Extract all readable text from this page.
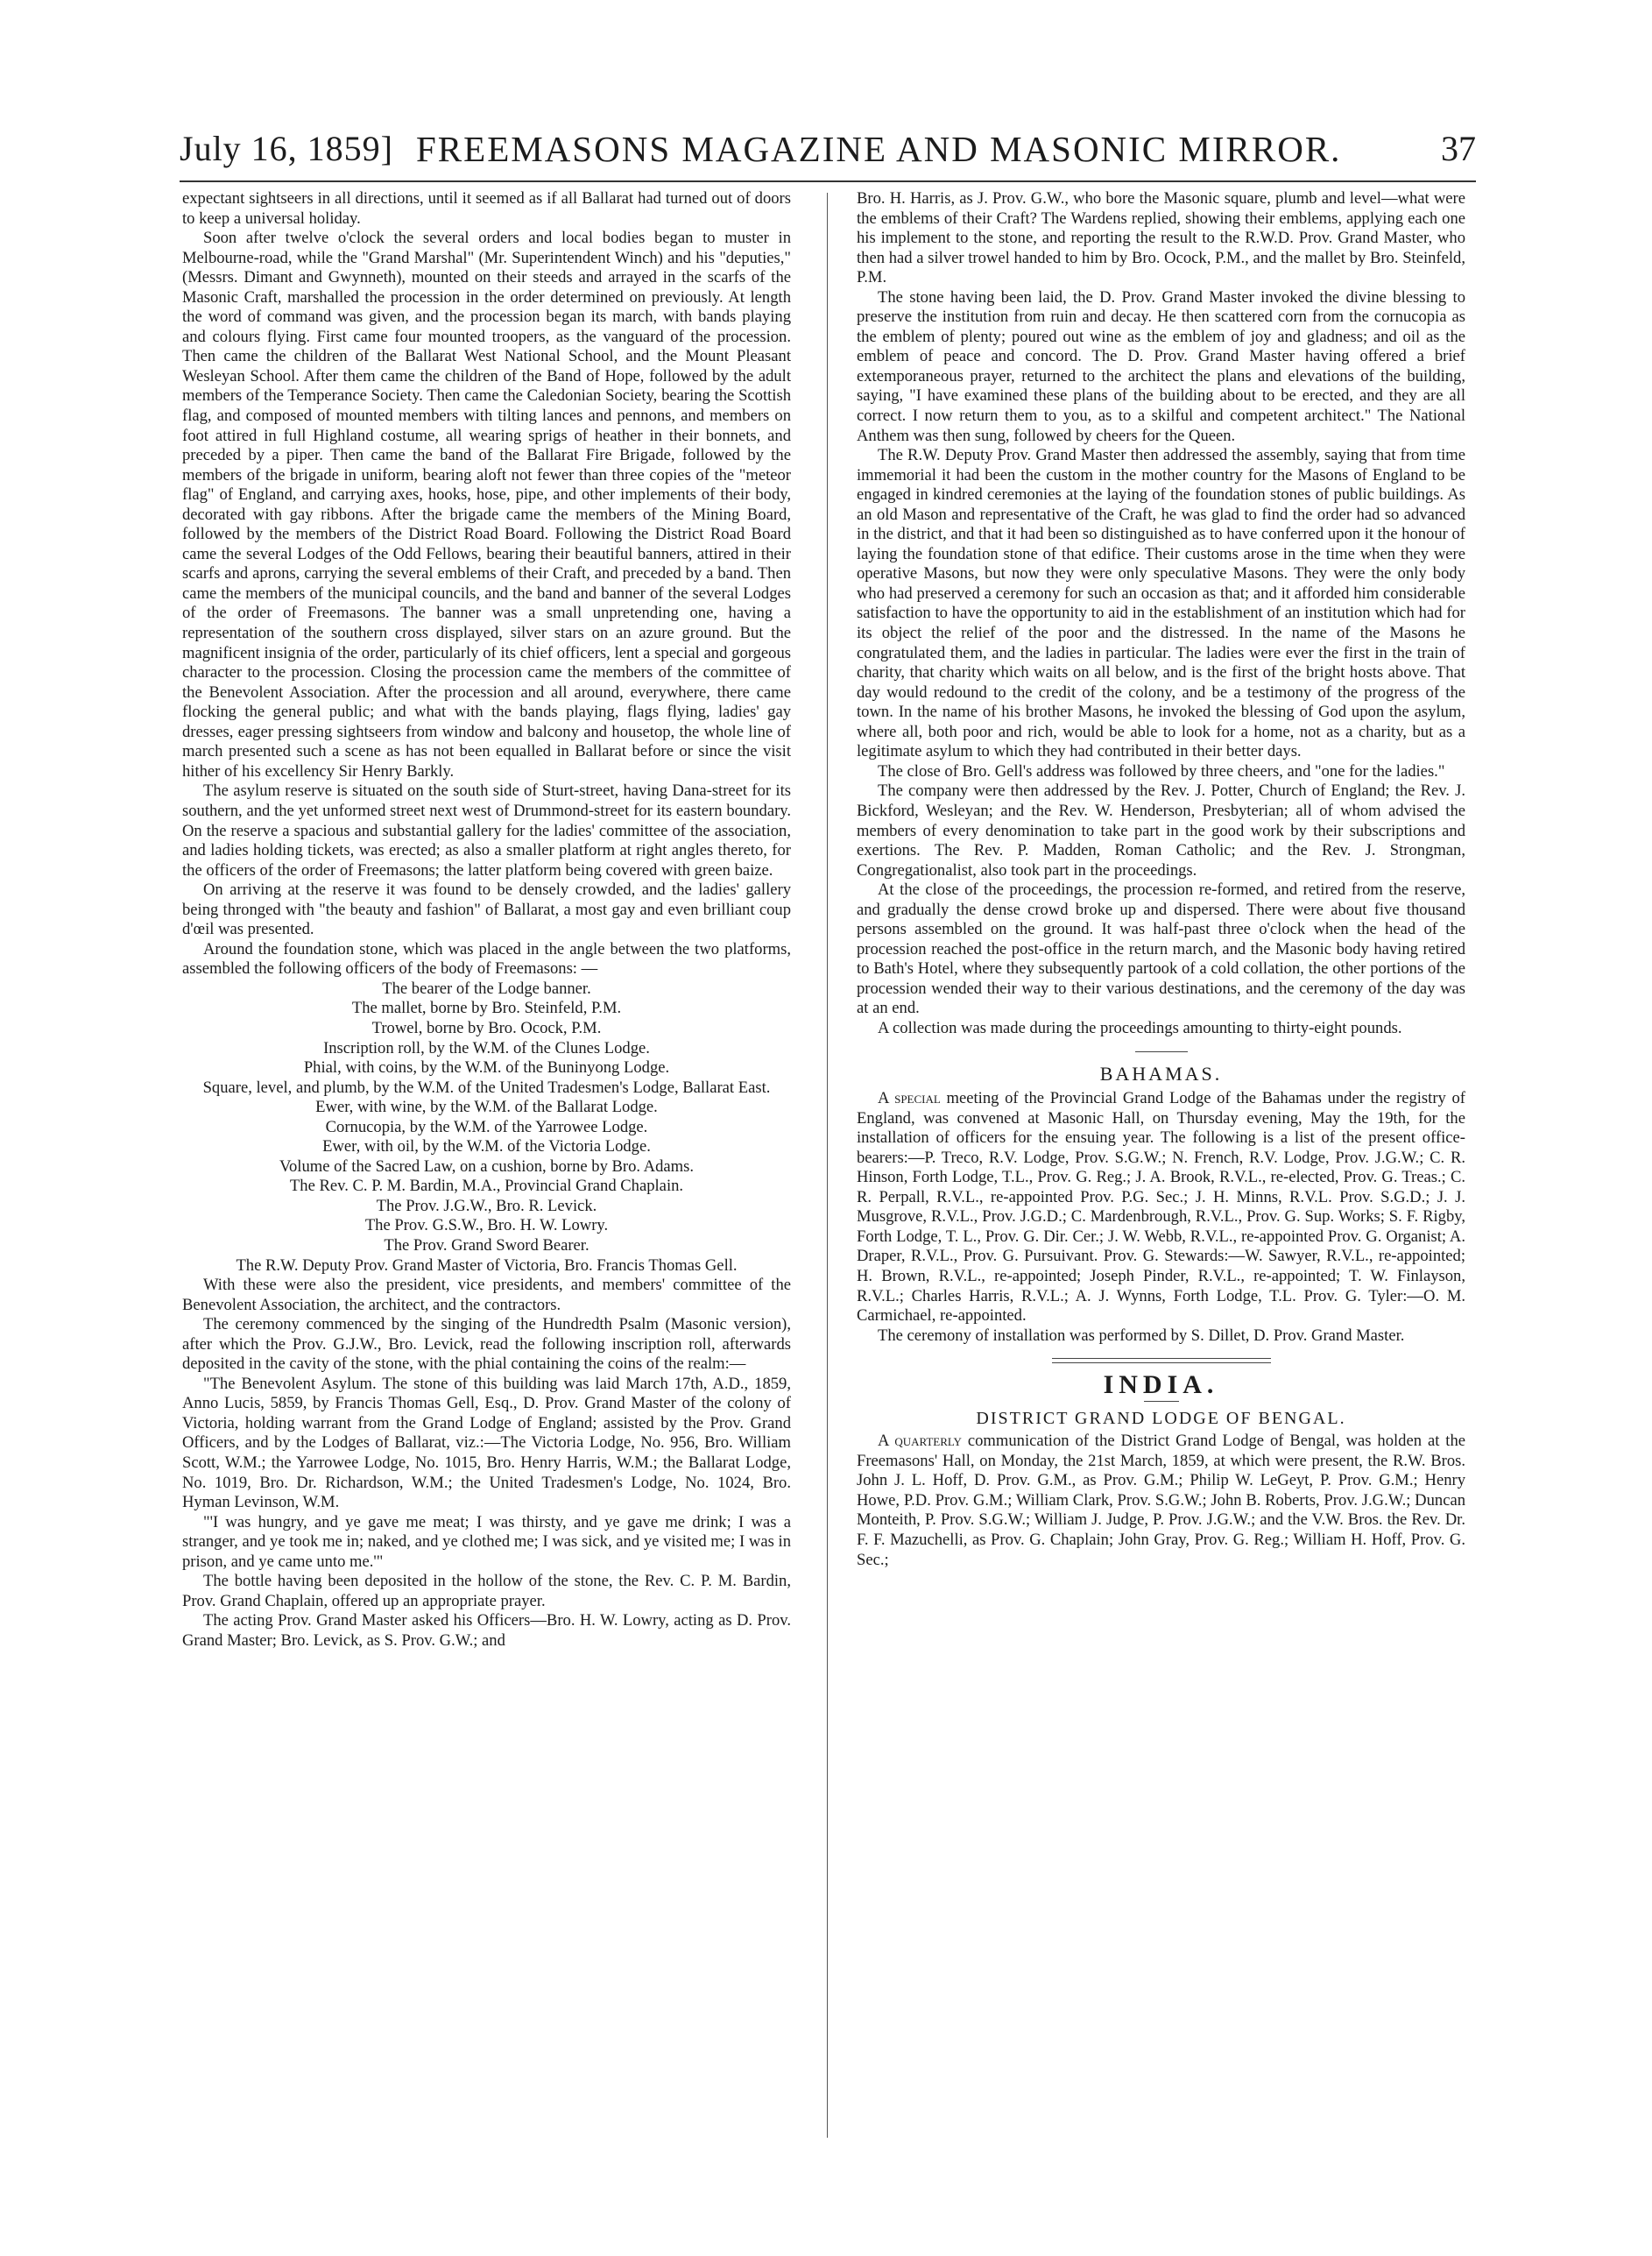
July 16, 1859] FREEMASONS MAGAZINE AND MASONIC MIRROR.	37

expectant sightseers in all directions, until it seemed as if all Ballarat had turned out of doors to keep a universal holiday.

Soon after twelve o'clock the several orders and local bodies began to muster in Melbourne-road, while the "Grand Marshal" (Mr. Superintendent Winch) and his "deputies," (Messrs. Dimant and Gwynneth), mounted on their steeds and arrayed in the scarfs of the Masonic Craft, marshalled the procession in the order determined on previously. At length the word of command was given, and the procession began its march, with bands playing and colours flying. First came four mounted troopers, as the vanguard of the procession. Then came the children of the Ballarat West National School, and the Mount Pleasant Wesleyan School. After them came the children of the Band of Hope, followed by the adult members of the Temperance Society. Then came the Caledonian Society, bearing the Scottish flag, and composed of mounted members with tilting lances and pennons, and members on foot attired in full Highland costume, all wearing sprigs of heather in their bonnets, and preceded by a piper. Then came the band of the Ballarat Fire Brigade, followed by the members of the brigade in uniform, bearing aloft not fewer than three copies of the "meteor flag" of England, and carrying axes, hooks, hose, pipe, and other implements of their body, decorated with gay ribbons. After the brigade came the members of the Mining Board, followed by the members of the District Road Board. Following the District Road Board came the several Lodges of the Odd Fellows, bearing their beautiful banners, attired in their scarfs and aprons, carrying the several emblems of their Craft, and preceded by a band. Then came the members of the municipal councils, and the band and banner of the several Lodges of the order of Freemasons. The banner was a small unpretending one, having a representation of the southern cross displayed, silver stars on an azure ground. But the magnificent insignia of the order, particularly of its chief officers, lent a special and gorgeous character to the procession. Closing the procession came the members of the committee of the Benevolent Association. After the procession and all around, everywhere, there came flocking the general public; and what with the bands playing, flags flying, ladies' gay dresses, eager pressing sightseers from window and balcony and housetop, the whole line of march presented such a scene as has not been equalled in Ballarat before or since the visit hither of his excellency Sir Henry Barkly.

The asylum reserve is situated on the south side of Sturt-street, having Dana-street for its southern, and the yet unformed street next west of Drummond-street for its eastern boundary. On the reserve a spacious and substantial gallery for the ladies' committee of the association, and ladies holding tickets, was erected; as also a smaller platform at right angles thereto, for the officers of the order of Freemasons; the latter platform being covered with green baize.

On arriving at the reserve it was found to be densely crowded, and the ladies' gallery being thronged with "the beauty and fashion" of Ballarat, a most gay and even brilliant coup d'œil was presented.

Around the foundation stone, which was placed in the angle between the two platforms, assembled the following officers of the body of Freemasons: —

The bearer of the Lodge banner.

The mallet, borne by Bro. Steinfeld, P.M.

Trowel, borne by Bro. Ocock, P.M.

Inscription roll, by the W.M. of the Clunes Lodge.

Phial, with coins, by the W.M. of the Buninyong Lodge.

Square, level, and plumb, by the W.M. of the United Tradesmen's Lodge, Ballarat East.

Ewer, with wine, by the W.M. of the Ballarat Lodge.

Cornucopia, by the W.M. of the Yarrowee Lodge.

Ewer, with oil, by the W.M. of the Victoria Lodge.

Volume of the Sacred Law, on a cushion, borne by Bro. Adams.

The Rev. C. P. M. Bardin, M.A., Provincial Grand Chaplain.

The Prov. J.G.W., Bro. R. Levick.

The Prov. G.S.W., Bro. H. W. Lowry.

The Prov. Grand Sword Bearer.

The R.W. Deputy Prov. Grand Master of Victoria, Bro. Francis Thomas Gell.

With these were also the president, vice presidents, and members' committee of the Benevolent Association, the architect, and the contractors.

The ceremony commenced by the singing of the Hundredth Psalm (Masonic version), after which the Prov. G.J.W., Bro. Levick, read the following inscription roll, afterwards deposited in the cavity of the stone, with the phial containing the coins of the realm:—

"The Benevolent Asylum. The stone of this building was laid March 17th, A.D., 1859, Anno Lucis, 5859, by Francis Thomas Gell, Esq., D. Prov. Grand Master of the colony of Victoria, holding warrant from the Grand Lodge of England; assisted by the Prov. Grand Officers, and by the Lodges of Ballarat, viz.:—The Victoria Lodge, No. 956, Bro. William Scott, W.M.; the Yarrowee Lodge, No. 1015, Bro. Henry Harris, W.M.; the Ballarat Lodge, No. 1019, Bro. Dr. Richardson, W.M.; the United Tradesmen's Lodge, No. 1024, Bro. Hyman Levinson, W.M.

"'I was hungry, and ye gave me meat; I was thirsty, and ye gave me drink; I was a stranger, and ye took me in; naked, and ye clothed me; I was sick, and ye visited me; I was in prison, and ye came unto me.'"

The bottle having been deposited in the hollow of the stone, the Rev. C. P. M. Bardin, Prov. Grand Chaplain, offered up an appropriate prayer.

The acting Prov. Grand Master asked his Officers—Bro. H. W. Lowry, acting as D. Prov. Grand Master; Bro. Levick, as S. Prov. G.W.; and

Bro. H. Harris, as J. Prov. G.W., who bore the Masonic square, plumb and level—what were the emblems of their Craft? The Wardens replied, showing their emblems, applying each one his implement to the stone, and reporting the result to the R.W.D. Prov. Grand Master, who then had a silver trowel handed to him by Bro. Ocock, P.M., and the mallet by Bro. Steinfeld, P.M.

The stone having been laid, the D. Prov. Grand Master invoked the divine blessing to preserve the institution from ruin and decay. He then scattered corn from the cornucopia as the emblem of plenty; poured out wine as the emblem of joy and gladness; and oil as the emblem of peace and concord. The D. Prov. Grand Master having offered a brief extemporaneous prayer, returned to the architect the plans and elevations of the building, saying, "I have examined these plans of the building about to be erected, and they are all correct. I now return them to you, as to a skilful and competent architect." The National Anthem was then sung, followed by cheers for the Queen.

The R.W. Deputy Prov. Grand Master then addressed the assembly, saying that from time immemorial it had been the custom in the mother country for the Masons of England to be engaged in kindred ceremonies at the laying of the foundation stones of public buildings. As an old Mason and representative of the Craft, he was glad to find the order had so advanced in the district, and that it had been so distinguished as to have conferred upon it the honour of laying the foundation stone of that edifice. Their customs arose in the time when they were operative Masons, but now they were only speculative Masons. They were the only body who had preserved a ceremony for such an occasion as that; and it afforded him considerable satisfaction to have the opportunity to aid in the establishment of an institution which had for its object the relief of the poor and the distressed. In the name of the Masons he congratulated them, and the ladies in particular. The ladies were ever the first in the train of charity, that charity which waits on all below, and is the first of the bright hosts above. That day would redound to the credit of the colony, and be a testimony of the progress of the town. In the name of his brother Masons, he invoked the blessing of God upon the asylum, where all, both poor and rich, would be able to look for a home, not as a charity, but as a legitimate asylum to which they had contributed in their better days.

The close of Bro. Gell's address was followed by three cheers, and "one for the ladies."

The company were then addressed by the Rev. J. Potter, Church of England; the Rev. J. Bickford, Wesleyan; and the Rev. W. Henderson, Presbyterian; all of whom advised the members of every denomination to take part in the good work by their subscriptions and exertions. The Rev. P. Madden, Roman Catholic; and the Rev. J. Strongman, Congregationalist, also took part in the proceedings.

At the close of the proceedings, the procession re-formed, and retired from the reserve, and gradually the dense crowd broke up and dispersed. There were about five thousand persons assembled on the ground. It was half-past three o'clock when the head of the procession reached the post-office in the return march, and the Masonic body having retired to Bath's Hotel, where they subsequently partook of a cold collation, the other portions of the procession wended their way to their various destinations, and the ceremony of the day was at an end.

A collection was made during the proceedings amounting to thirty-eight pounds.

BAHAMAS.

A special meeting of the Provincial Grand Lodge of the Bahamas under the registry of England, was convened at Masonic Hall, on Thursday evening, May the 19th, for the installation of officers for the ensuing year. The following is a list of the present office-bearers:—P. Treco, R.V. Lodge, Prov. S.G.W.; N. French, R.V. Lodge, Prov. J.G.W.; C. R. Hinson, Forth Lodge, T.L., Prov. G. Reg.; J. A. Brook, R.V.L., re-elected, Prov. G. Treas.; C. R. Perpall, R.V.L., re-appointed Prov. P.G. Sec.; J. H. Minns, R.V.L. Prov. S.G.D.; J. J. Musgrove, R.V.L., Prov. J.G.D.; C. Mardenbrough, R.V.L., Prov. G. Sup. Works; S. F. Rigby, Forth Lodge, T. L., Prov. G. Dir. Cer.; J. W. Webb, R.V.L., re-appointed Prov. G. Organist; A. Draper, R.V.L., Prov. G. Pursuivant. Prov. G. Stewards:—W. Sawyer, R.V.L., re-appointed; H. Brown, R.V.L., re-appointed; Joseph Pinder, R.V.L., re-appointed; T. W. Finlayson, R.V.L.; Charles Harris, R.V.L.; A. J. Wynns, Forth Lodge, T.L. Prov. G. Tyler:—O. M. Carmichael, re-appointed.

The ceremony of installation was performed by S. Dillet, D. Prov. Grand Master.

INDIA.
DISTRICT GRAND LODGE OF BENGAL.

A quarterly communication of the District Grand Lodge of Bengal, was holden at the Freemasons' Hall, on Monday, the 21st March, 1859, at which were present, the R.W. Bros. John J. L. Hoff, D. Prov. G.M., as Prov. G.M.; Philip W. LeGeyt, P. Prov. G.M.; Henry Howe, P.D. Prov. G.M.; William Clark, Prov. S.G.W.; John B. Roberts, Prov. J.G.W.; Duncan Monteith, P. Prov. S.G.W.; William J. Judge, P. Prov. J.G.W.; and the V.W. Bros. the Rev. Dr. F. F. Mazuchelli, as Prov. G. Chaplain; John Gray, Prov. G. Reg.; William H. Hoff, Prov. G. Sec.;
